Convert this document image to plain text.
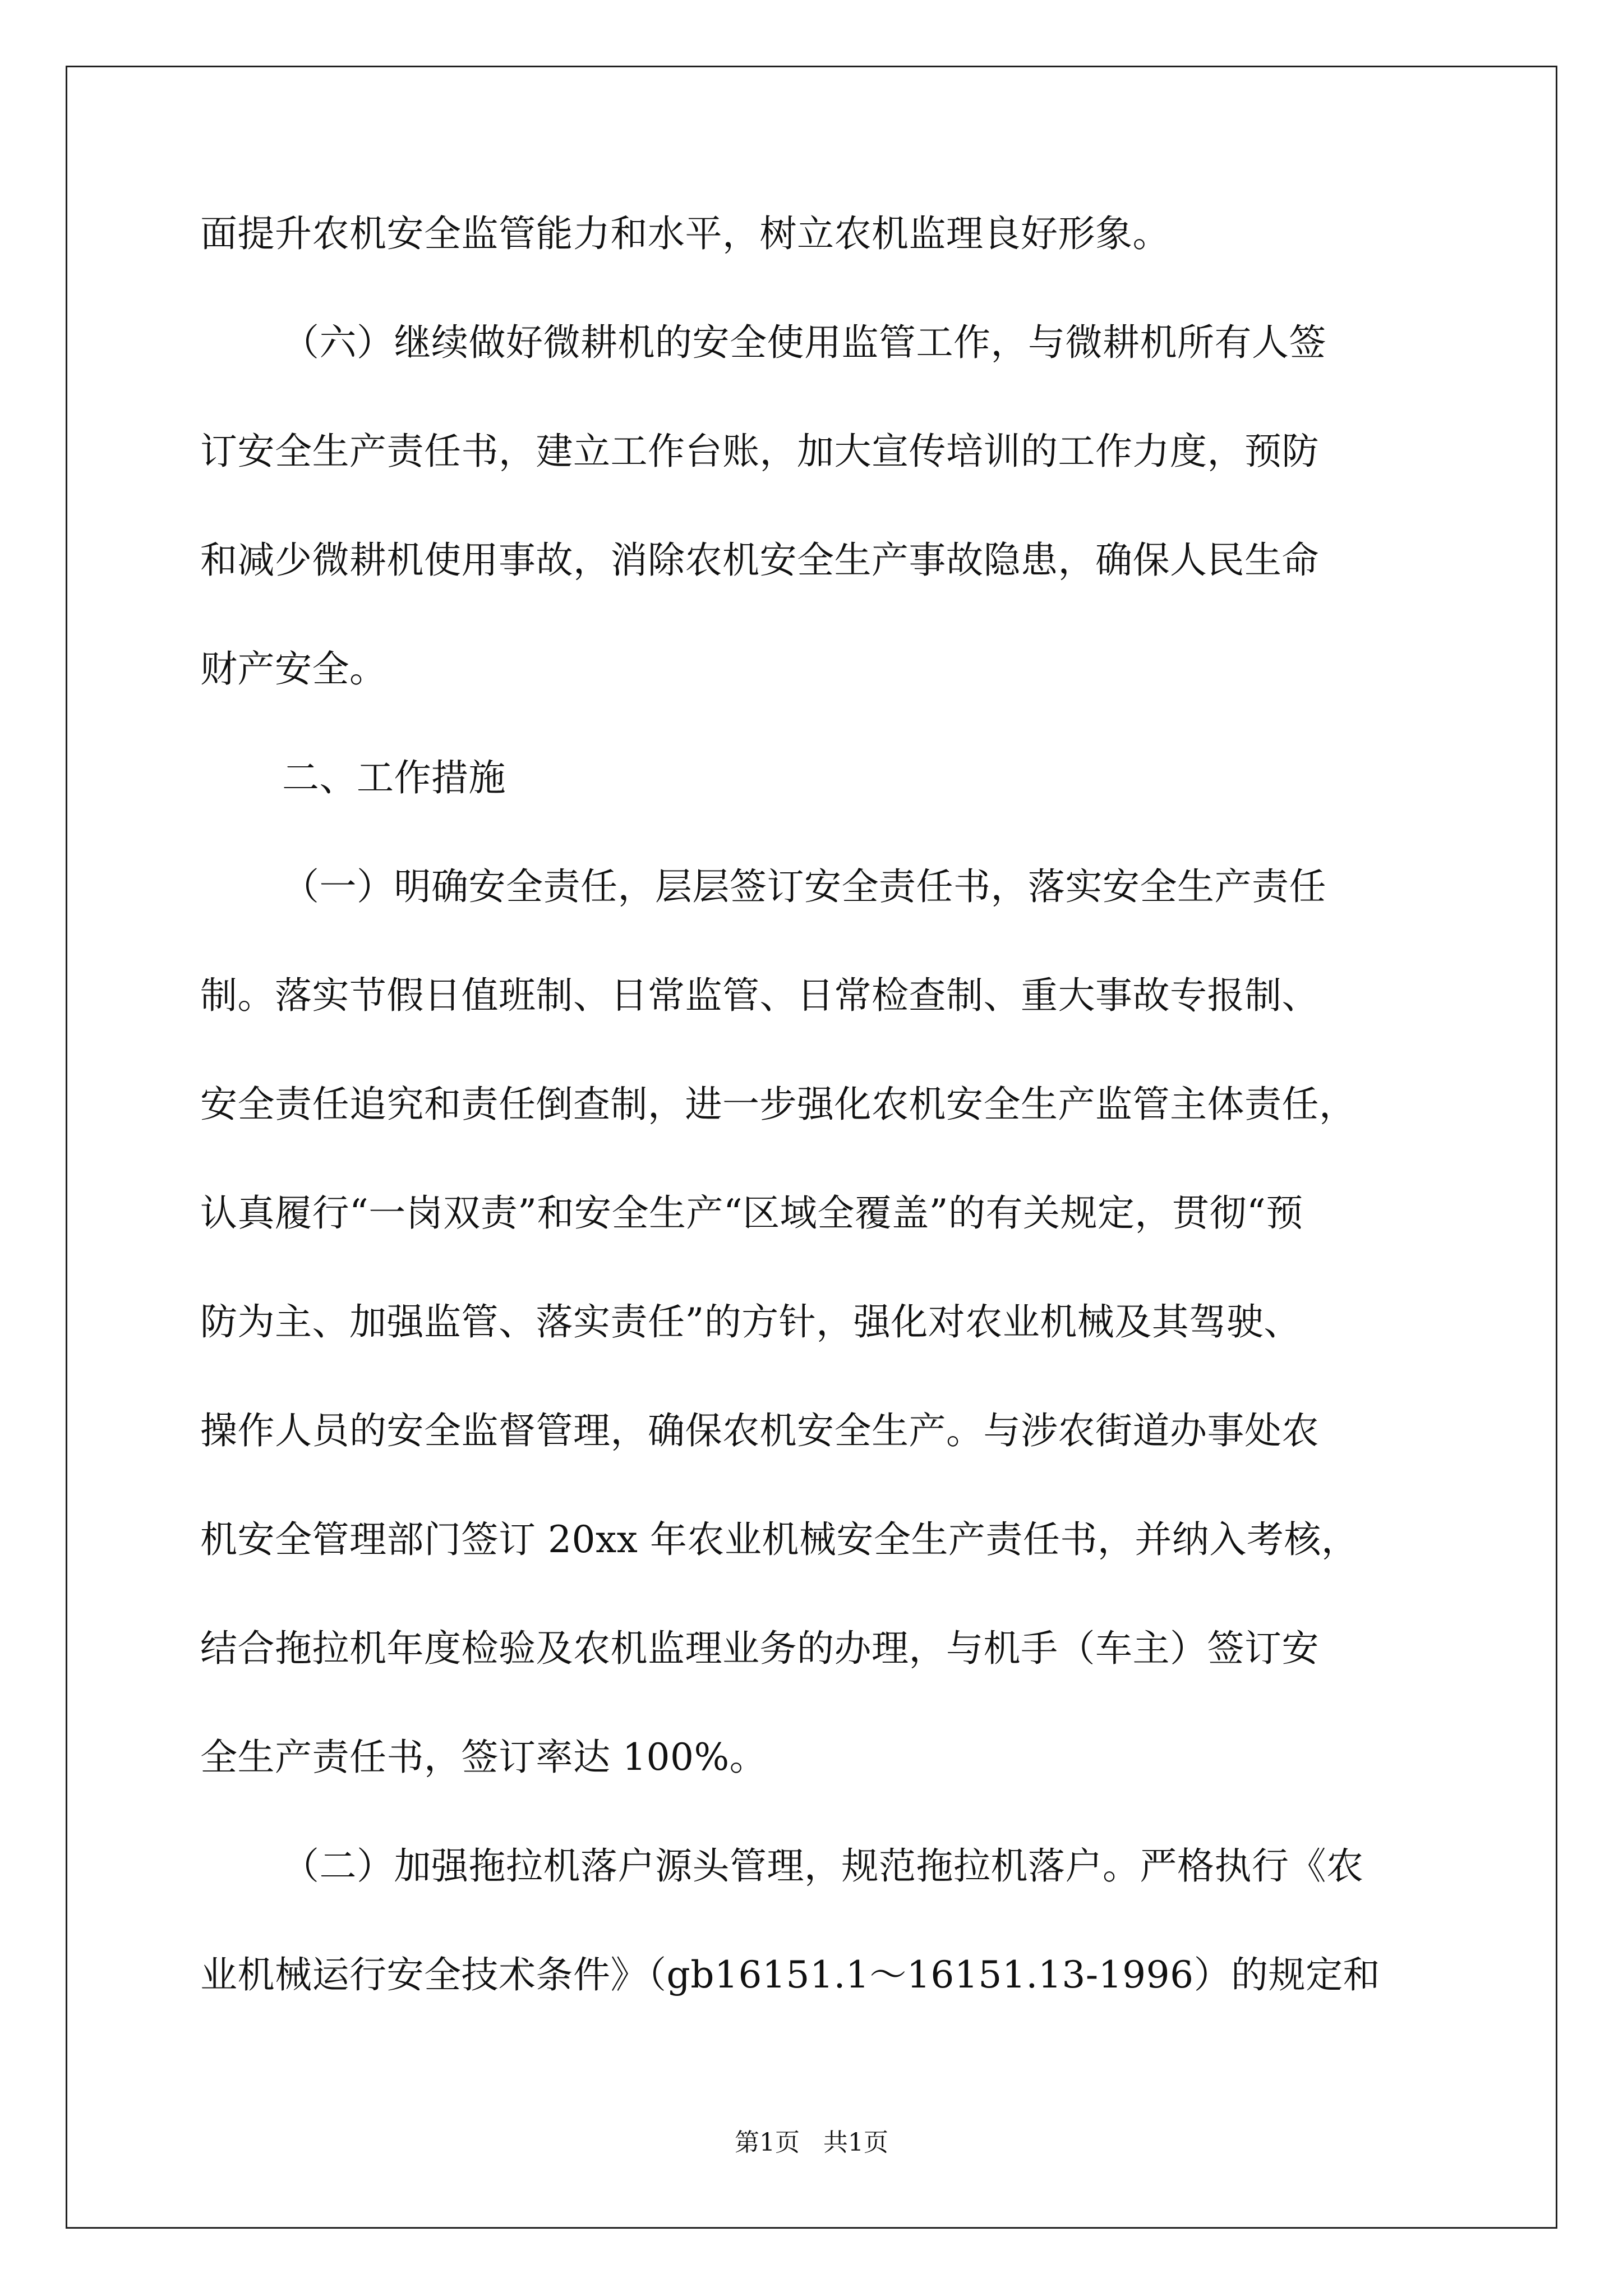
面提升农机安全监管能力和水平，树立农机监理良好形象。
（六）继续做好微耕机的安全使用监管工作，与微耕机所有人签
订安全生产责任书，建立工作台账，加大宣传培训的工作力度，预防
和减少微耕机使用事故，消除农机安全生产事故隐患，确保人民生命
财产安全。
二、工作措施
（一）明确安全责任，层层签订安全责任书，落实安全生产责任
制。落实节假日值班制、日常监管、日常检查制、重大事故专报制、
安全责任追究和责任倒查制，进一步强化农机安全生产监管主体责任，
认真履行“一岗双责”和安全生产“区域全覆盖”的有关规定，贯彻“预
防为主、加强监管、落实责任”的方针，强化对农业机械及其驾驶、
操作人员的安全监督管理，确保农机安全生产。与涉农街道办事处农
机安全管理部门签订 20xx 年农业机械安全生产责任书，并纳入考核，
结合拖拉机年度检验及农机监理业务的办理，与机手（车主）签订安
全生产责任书，签订率达 100%。
（二）加强拖拉机落户源头管理，规范拖拉机落户。严格执行《农
业机械运行安全技术条件》（gb16151.1～16151.13-1996）的规定和
第1页   共1页
